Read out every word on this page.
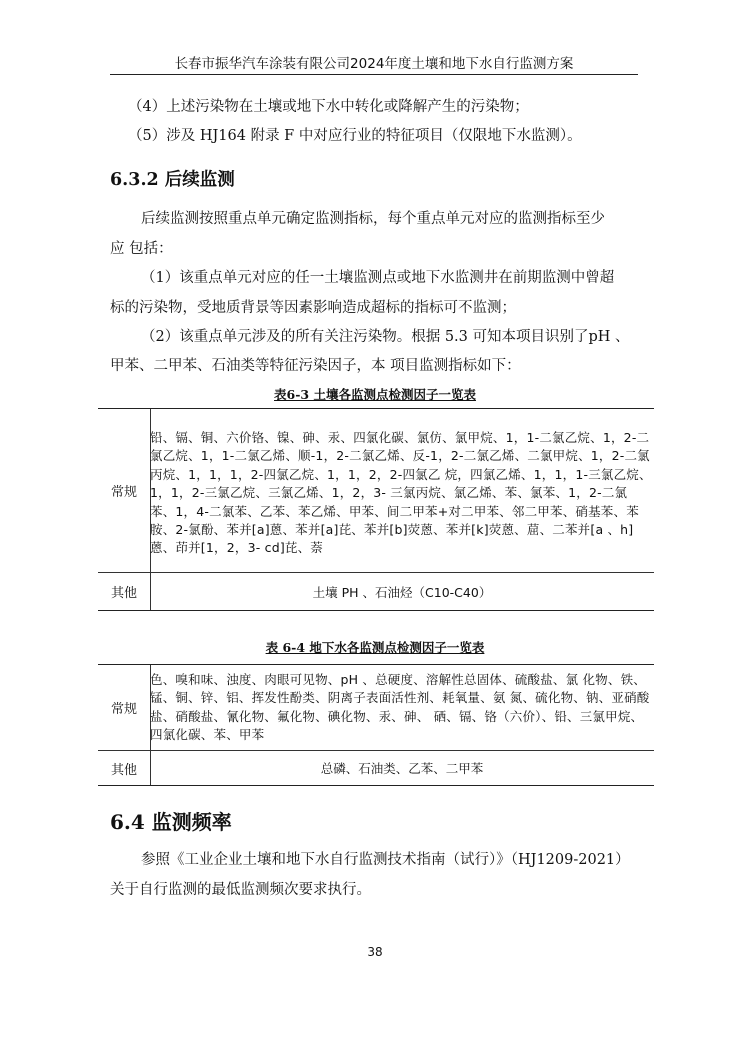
长春市振华汽车涂装有限公司2024年度土壤和地下水自行监测方案
（4）上述污染物在土壤或地下水中转化或降解产生的污染物；
（5）涉及 HJ164 附录 F 中对应行业的特征项目（仅限地下水监测）。
6.3.2 后续监测
后续监测按照重点单元确定监测指标，每个重点单元对应的监测指标至少
应 包括：
（1）该重点单元对应的任一土壤监测点或地下水监测井在前期监测中曾超
标的污染物，受地质背景等因素影响造成超标的指标可不监测；
（2）该重点单元涉及的所有关注污染物。根据 5.3 可知本项目识别了pH 、
甲苯、二甲苯、石油类等特征污染因子，本 项目监测指标如下：
表6-3 土壤各监测点检测因子一览表
常规
铅、镉、铜、六价铬、镍、砷、汞、四氯化碳、氯仿、氯甲烷、1，1-二氯乙烷、1，2-二氯乙烷、1，1-二氯乙烯、顺-1，2-二氯乙烯、反-1，2-二氯乙烯、二氯甲烷、1，2-二氯丙烷、1，1，1，2-四氯乙烷、1，1，2，2-四氯乙 烷，四氯乙烯、1，1，1-三氯乙烷、1，1，2-三氯乙烷、三氯乙烯、1，2，3- 三氯丙烷、氯乙烯、苯、氯苯、1，2-二氯苯、1，4-二氯苯、乙苯、苯乙烯、甲苯、间二甲苯+对二甲苯、邻二甲苯、硝基苯、苯胺、2-氯酚、苯并[a]蒽、苯并[a]芘、苯并[b]荧蒽、苯并[k]荧蒽、䓛、二苯并[a 、h]蒽、茚并[1，2，3- cd]芘、萘
其他	土壤 PH 、石油烃（C10-C40）
表 6-4 地下水各监测点检测因子一览表
常规
色、嗅和味、浊度、肉眼可见物、pH 、总硬度、溶解性总固体、硫酸盐、氯 化物、铁、锰、铜、锌、铝、挥发性酚类、阴离子表面活性剂、耗氧量、氨 氮、硫化物、钠、亚硝酸盐、硝酸盐、氰化物、氟化物、碘化物、汞、砷、 硒、镉、铬（六价）、铅、三氯甲烷、四氯化碳、苯、甲苯
其他	总磷、石油类、乙苯、二甲苯
6.4 监测频率
参照《工业企业土壤和地下水自行监测技术指南（试行）》（HJ1209-2021）
关于自行监测的最低监测频次要求执行。
38
